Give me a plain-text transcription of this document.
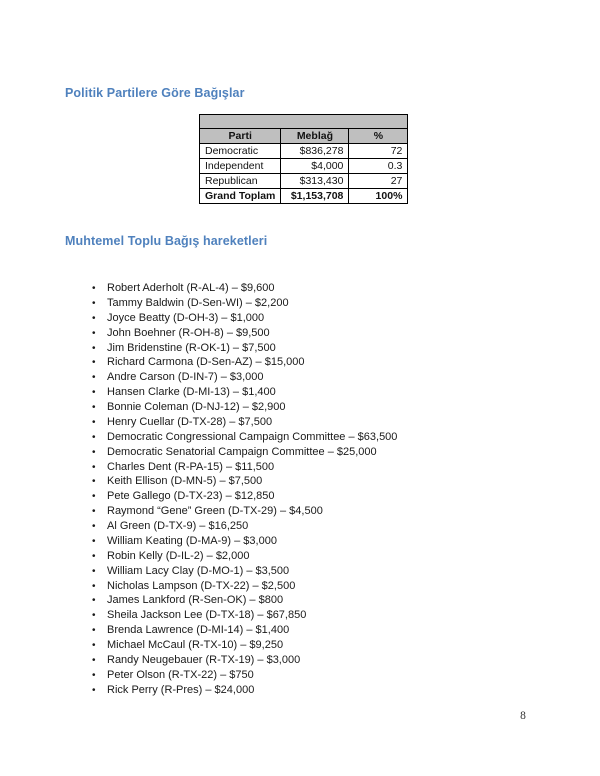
Politik Partilere Göre Bağışlar

Parti	Meblağ	%
Democratic	$836,278	72
Independent	$4,000	0.3
Republican	$313,430	27
Grand Toplam	$1,153,708	100%
Muhtemel Toplu Bağış hareketleri
•	Robert Aderholt (R-AL-4) – $9,600
•	Tammy Baldwin (D-Sen-WI) – $2,200
•	Joyce Beatty (D-OH-3) – $1,000
•	John Boehner (R-OH-8) – $9,500
•	Jim Bridenstine (R-OK-1) – $7,500
•	Richard Carmona (D-Sen-AZ) – $15,000
•	Andre Carson (D-IN-7) – $3,000
•	Hansen Clarke (D-MI-13) – $1,400
•	Bonnie Coleman (D-NJ-12) – $2,900
•	Henry Cuellar (D-TX-28) – $7,500
•	Democratic Congressional Campaign Committee – $63,500
•	Democratic Senatorial Campaign Committee – $25,000
•	Charles Dent (R-PA-15) – $11,500
•	Keith Ellison (D-MN-5) – $7,500
•	Pete Gallego (D-TX-23) – $12,850
•	Raymond “Gene” Green (D-TX-29) – $4,500
•	Al Green (D-TX-9) – $16,250
•	William Keating (D-MA-9) – $3,000
•	Robin Kelly (D-IL-2) – $2,000
•	William Lacy Clay (D-MO-1) – $3,500
•	Nicholas Lampson (D-TX-22) – $2,500
•	James Lankford (R-Sen-OK) – $800
•	Sheila Jackson Lee (D-TX-18) – $67,850
•	Brenda Lawrence (D-MI-14) – $1,400
•	Michael McCaul (R-TX-10) – $9,250
•	Randy Neugebauer (R-TX-19) – $3,000
•	Peter Olson (R-TX-22) – $750
•	Rick Perry (R-Pres) – $24,000
8
